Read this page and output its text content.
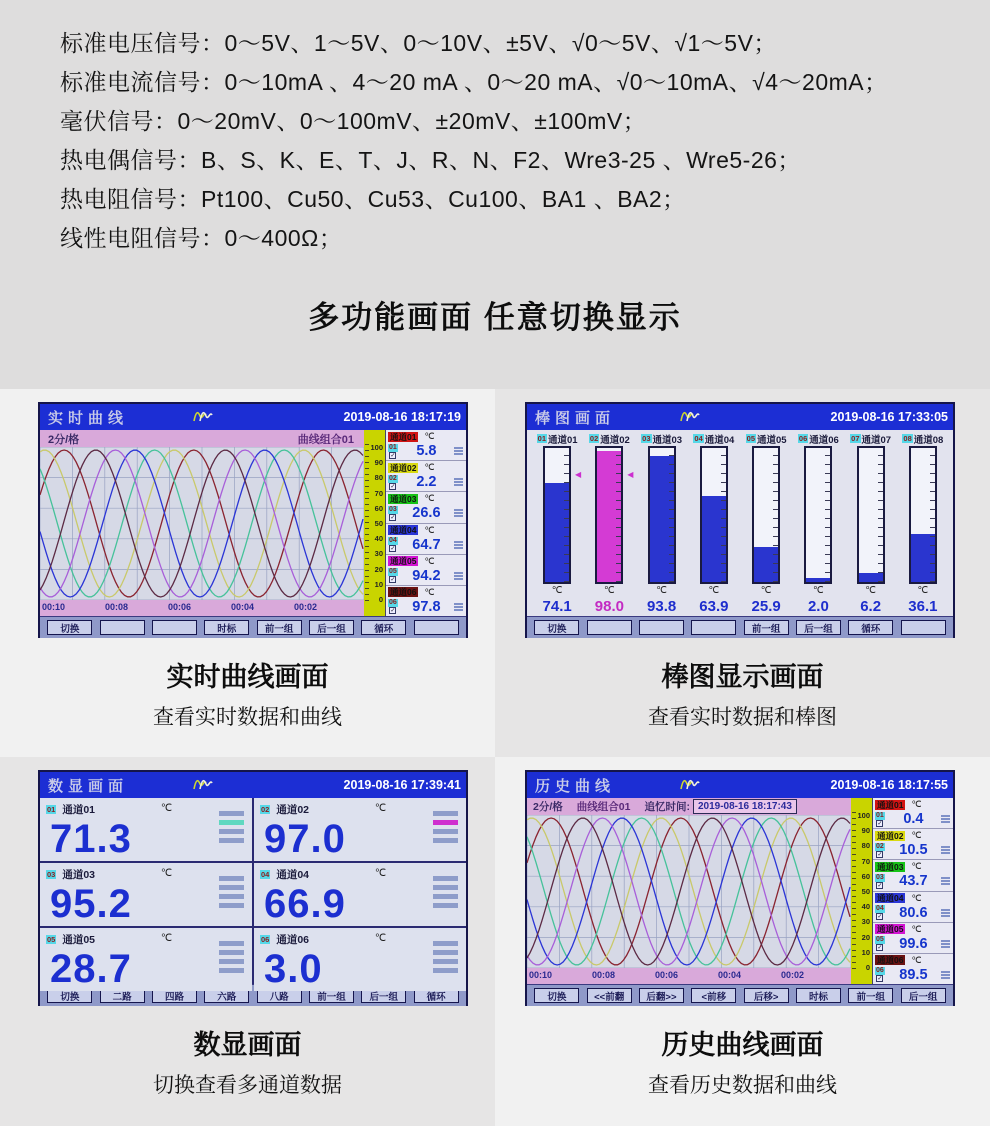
标准电压信号：0～5V、1～5V、0～10V、±5V、√0～5V、√1～5V；
标准电流信号：0～10mA 、4～20 mA 、0～20 mA、√0～10mA、√4～20mA；
毫伏信号：0～20mV、0～100mV、±20mV、±100mV；
热电偶信号：B、S、K、E、T、J、R、N、F2、Wre3-25 、Wre5-26；
热电阻信号：Pt100、Cu50、Cu53、Cu100、BA1 、BA2；
线性电阻信号：0～400Ω；
多功能画面 任意切换显示
实时曲线	2019-08-16 18:17:19
2分/格	曲线组合01
00:10	00:08	00:06	00:04	00:02
100
90
80
70
60
50
40
30
20
10
0
通道01 ℃
01
✓	5.8
通道02 ℃
02
✓	2.2
通道03 ℃
03
✓	26.6
通道04 ℃
04
✓	64.7
通道05 ℃
05
✓	94.2
通道06 ℃
06
✓	97.8
切换	时标	前一组	后一组	循环
实时曲线画面
查看实时数据和曲线
棒图画面	2019-08-16 17:33:05
01 通道01
◀
℃
74.1
02 通道02
◀
℃
98.0
03 通道03
℃
93.8
04 通道04
℃
63.9
05 通道05
℃
25.9
06 通道06
℃
2.0
07 通道07
℃
6.2
08 通道08
℃
36.1
切换	前一组	后一组	循环
棒图显示画面
查看实时数据和棒图
数显画面	2019-08-16 17:39:41
01 通道01	℃
71.3
02 通道02	℃
97.0
03 通道03	℃
95.2
04 通道04	℃
66.9
05 通道05	℃
28.7
06 通道06	℃
3.0
切换	二路	四路	六路	八路	前一组	后一组	循环
数显画面
切换查看多通道数据
历史曲线	2019-08-16 18:17:55
2分/格 曲线组合01 追忆时间: 2019-08-16 18:17:43
00:10	00:08	00:06	00:04	00:02
100
90
80
70
60
50
40
30
20
10
0
通道01 ℃
01
✓	0.4
通道02 ℃
02
✓	10.5
通道03 ℃
03
✓	43.7
通道04 ℃
04
✓	80.6
通道05 ℃
05
✓	99.6
通道06 ℃
06
✓	89.5
切换	<<前翻	后翻>>	<前移	后移>	时标	前一组	后一组
历史曲线画面
查看历史数据和曲线
